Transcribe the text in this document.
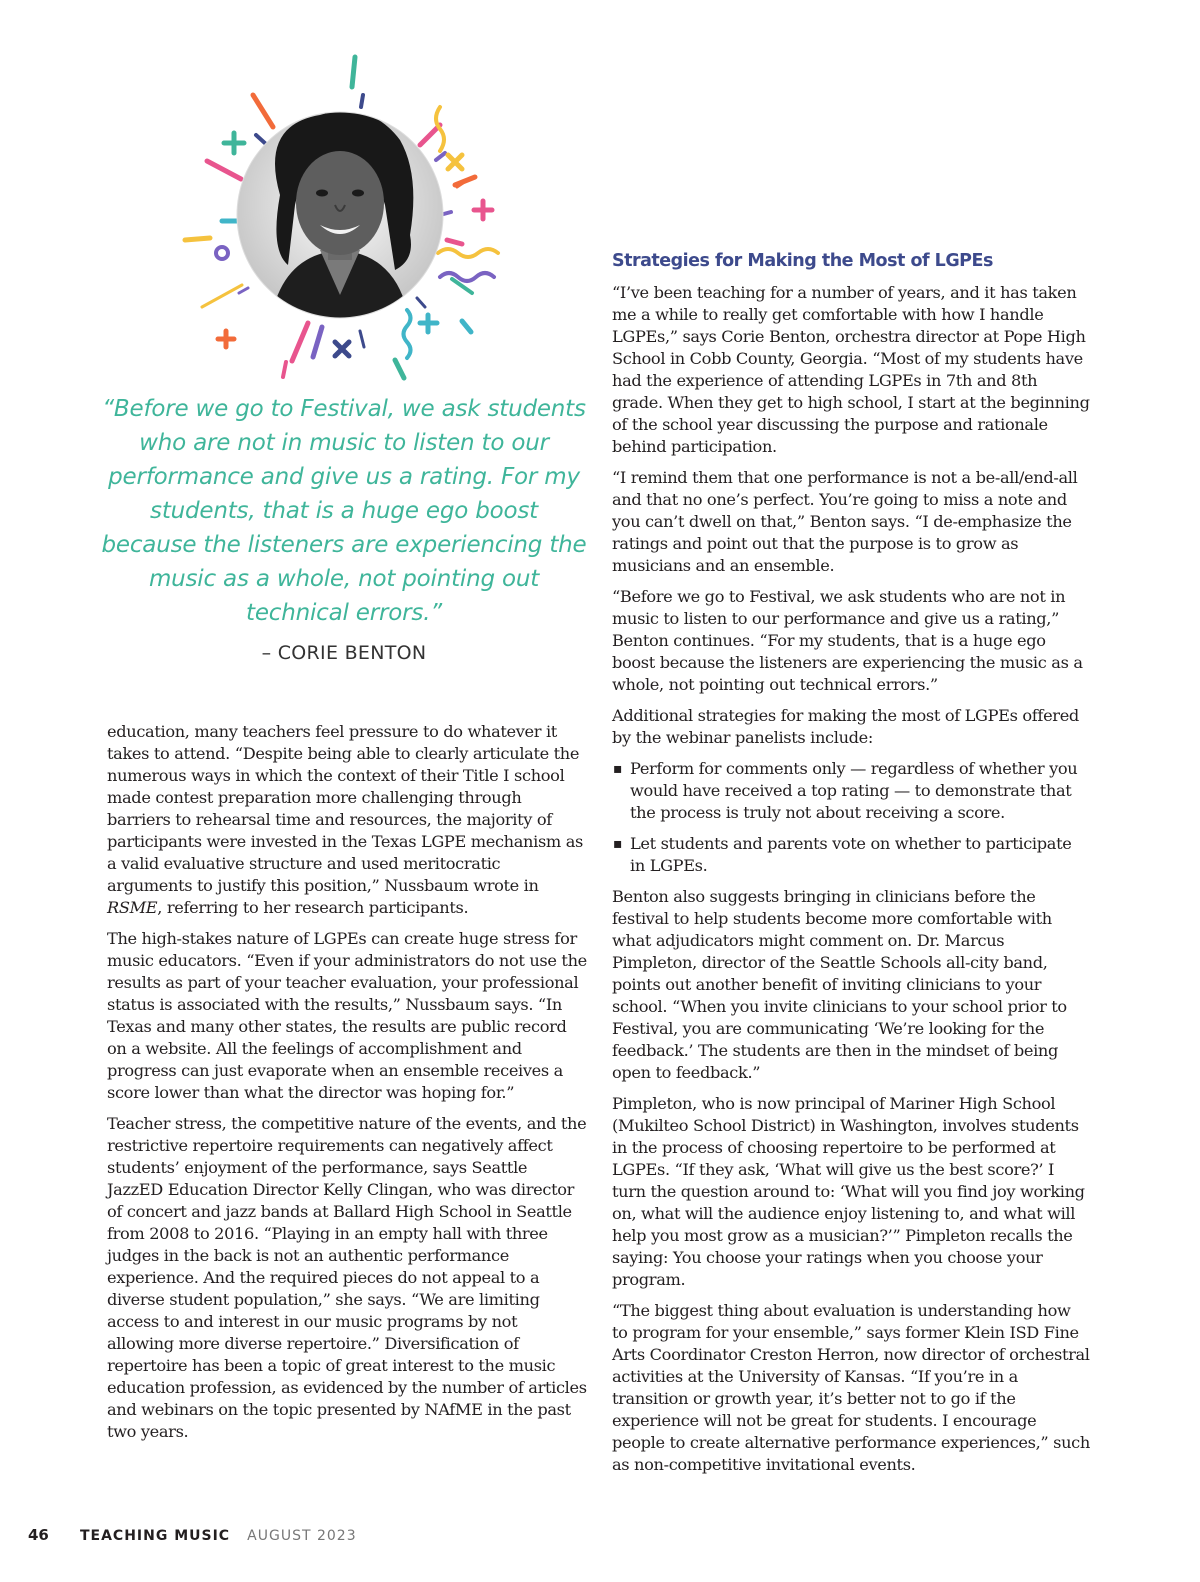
“Before we go to Festival, we ask students who are not in music to listen to our performance and give us a rating. For my students, that is a huge ego boost because the listeners are experiencing the music as a whole, not pointing out technical errors.”

– CORIE BENTON

education, many teachers feel pressure to do whatever it takes to attend. “Despite being able to clearly articulate the numerous ways in which the context of their Title I school made contest preparation more challenging through barriers to rehearsal time and resources, the majority of participants were invested in the Texas LGPE mechanism as a valid evaluative structure and used meritocratic arguments to justify this position,” Nussbaum wrote in RSME, referring to her research participants.

The high-stakes nature of LGPEs can create huge stress for music educators. “Even if your administrators do not use the results as part of your teacher evaluation, your professional status is associated with the results,” Nussbaum says. “In Texas and many other states, the results are public record on a website. All the feelings of accomplishment and progress can just evaporate when an ensemble receives a score lower than what the director was hoping for.”

Teacher stress, the competitive nature of the events, and the restrictive repertoire requirements can negatively affect students’ enjoyment of the performance, says Seattle JazzED Education Director Kelly Clingan, who was director of concert and jazz bands at Ballard High School in Seattle from 2008 to 2016. “Playing in an empty hall with three judges in the back is not an authentic performance experience. And the required pieces do not appeal to a diverse student population,” she says. “We are limiting access to and interest in our music programs by not allowing more diverse repertoire.” Diversification of repertoire has been a topic of great interest to the music education profession, as evidenced by the number of articles and webinars on the topic presented by NAfME in the past two years.

Strategies for Making the Most of LGPEs

“I’ve been teaching for a number of years, and it has taken me a while to really get comfortable with how I handle LGPEs,” says Corie Benton, orchestra director at Pope High School in Cobb County, Georgia. “Most of my students have had the experience of attending LGPEs in 7th and 8th grade. When they get to high school, I start at the beginning of the school year discussing the purpose and rationale behind participation.

“I remind them that one performance is not a be-all/end-all and that no one’s perfect. You’re going to miss a note and you can’t dwell on that,” Benton says. “I de-emphasize the ratings and point out that the purpose is to grow as musicians and an ensemble.

“Before we go to Festival, we ask students who are not in music to listen to our performance and give us a rating,” Benton continues. “For my students, that is a huge ego boost because the listeners are experiencing the music as a whole, not pointing out technical errors.”

Additional strategies for making the most of LGPEs offered by the webinar panelists include:

▪ Perform for comments only — regardless of whether you would have received a top rating — to demonstrate that the process is truly not about receiving a score.
▪ Let students and parents vote on whether to participate in LGPEs.

Benton also suggests bringing in clinicians before the festival to help students become more comfortable with what adjudicators might comment on. Dr. Marcus Pimpleton, director of the Seattle Schools all-city band, points out another benefit of inviting clinicians to your school. “When you invite clinicians to your school prior to Festival, you are communicating ‘We’re looking for the feedback.’ The students are then in the mindset of being open to feedback.”

Pimpleton, who is now principal of Mariner High School (Mukilteo School District) in Washington, involves students in the process of choosing repertoire to be performed at LGPEs. “If they ask, ‘What will give us the best score?’ I turn the question around to: ‘What will you find joy working on, what will the audience enjoy listening to, and what will help you most grow as a musician?’” Pimpleton recalls the saying: You choose your ratings when you choose your program.

“The biggest thing about evaluation is understanding how to program for your ensemble,” says former Klein ISD Fine Arts Coordinator Creston Herron, now director of orchestral activities at the University of Kansas. “If you’re in a transition or growth year, it’s better not to go if the experience will not be great for students. I encourage people to create alternative performance experiences,” such as non-competitive invitational events.

46 TEACHING MUSIC AUGUST 2023
